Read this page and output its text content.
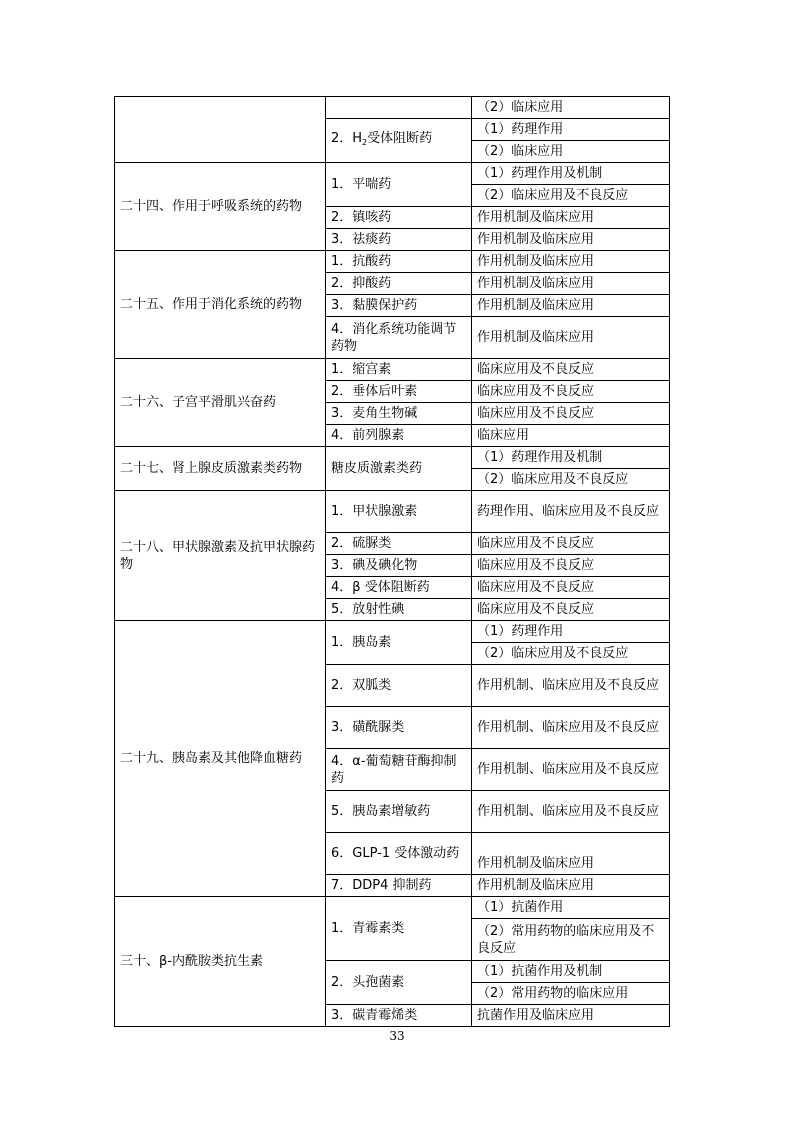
		（2）临床应用
	2．$H_2$受体阻断药	（1）药理作用
		（2）临床应用
二十四、作用于呼吸系统的药物	1．平喘药	（1）药理作用及机制
		（2）临床应用及不良反应
	2．镇咳药	作用机制及临床应用
	3．祛痰药	作用机制及临床应用
二十五、作用于消化系统的药物	1．抗酸药	作用机制及临床应用
	2．抑酸药	作用机制及临床应用
	3．黏膜保护药	作用机制及临床应用
	4．消化系统功能调节药物	作用机制及临床应用
二十六、子宫平滑肌兴奋药	1．缩宫素	临床应用及不良反应
	2．垂体后叶素	临床应用及不良反应
	3．麦角生物碱	临床应用及不良反应
	4．前列腺素	临床应用
二十七、肾上腺皮质激素类药物	糖皮质激素类药	（1）药理作用及机制
		（2）临床应用及不良反应
二十八、甲状腺激素及抗甲状腺药物	1．甲状腺激素	药理作用、临床应用及不良反应
	2．硫脲类	临床应用及不良反应
	3．碘及碘化物	临床应用及不良反应
	4．β 受体阻断药	临床应用及不良反应
	5．放射性碘	临床应用及不良反应
二十九、胰岛素及其他降血糖药	1．胰岛素	（1）药理作用
		（2）临床应用及不良反应
	2．双胍类	作用机制、临床应用及不良反应
	3．磺酰脲类	作用机制、临床应用及不良反应
	4．α-葡萄糖苷酶抑制药	作用机制、临床应用及不良反应
	5．胰岛素增敏药	作用机制、临床应用及不良反应
	6．GLP-1 受体激动药	作用机制及临床应用
	7．DDP4 抑制药	作用机制及临床应用
三十、β-内酰胺类抗生素	1．青霉素类	（1）抗菌作用
		（2）常用药物的临床应用及不良反应
	2．头孢菌素	（1）抗菌作用及机制
		（2）常用药物的临床应用
	3．碳青霉烯类	抗菌作用及临床应用
33
